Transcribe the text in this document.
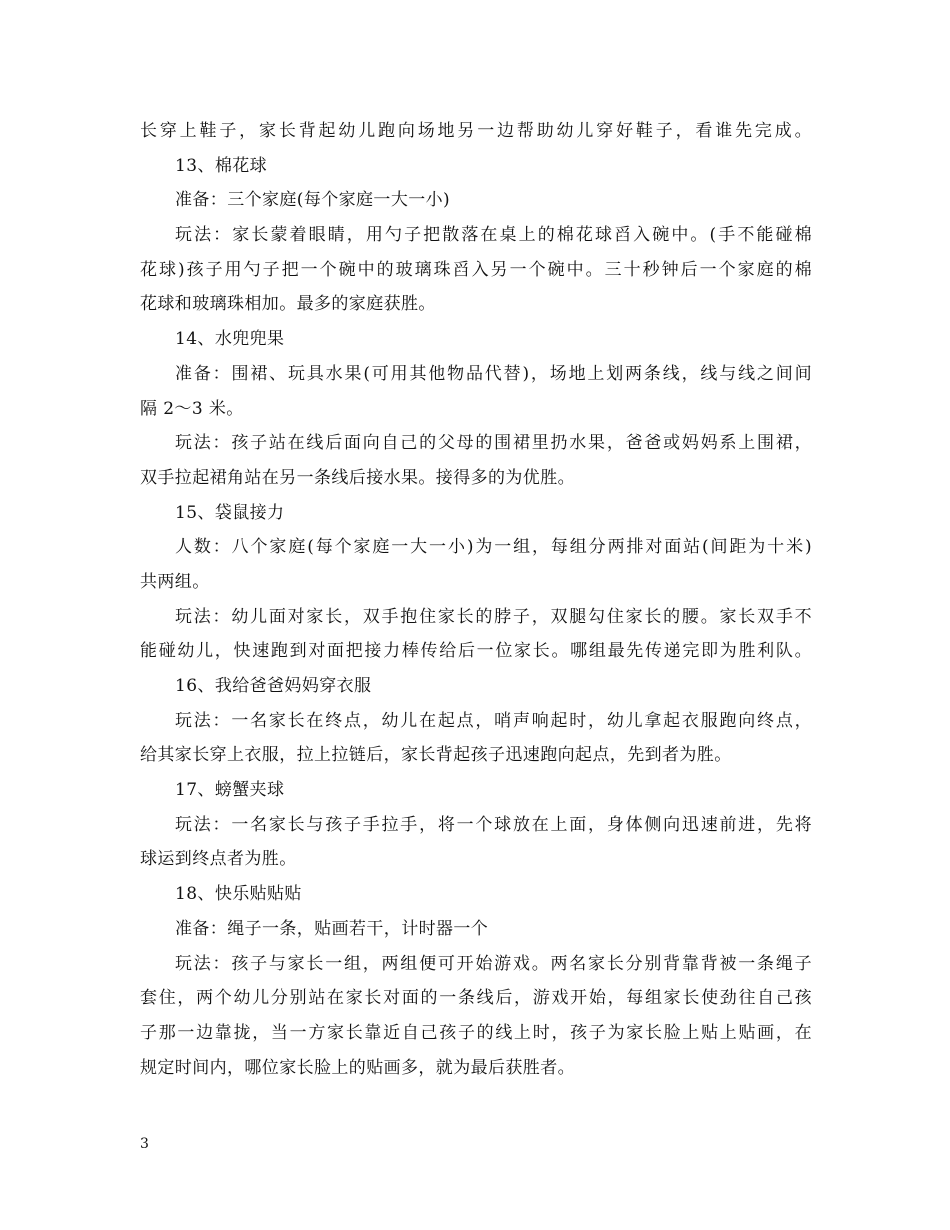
长穿上鞋子，家长背起幼儿跑向场地另一边帮助幼儿穿好鞋子，看谁先完成。
13、棉花球
准备：三个家庭(每个家庭一大一小)
玩法：家长蒙着眼睛，用勺子把散落在桌上的棉花球舀入碗中。(手不能碰棉
花球)孩子用勺子把一个碗中的玻璃珠舀入另一个碗中。三十秒钟后一个家庭的棉
花球和玻璃珠相加。最多的家庭获胜。
14、水兜兜果
准备：围裙、玩具水果(可用其他物品代替)，场地上划两条线，线与线之间间
隔 2～3 米。
玩法：孩子站在线后面向自己的父母的围裙里扔水果，爸爸或妈妈系上围裙，
双手拉起裙角站在另一条线后接水果。接得多的为优胜。
15、袋鼠接力
人数：八个家庭(每个家庭一大一小)为一组，每组分两排对面站(间距为十米)
共两组。
玩法：幼儿面对家长，双手抱住家长的脖子，双腿勾住家长的腰。家长双手不
能碰幼儿，快速跑到对面把接力棒传给后一位家长。哪组最先传递完即为胜利队。
16、我给爸爸妈妈穿衣服
玩法：一名家长在终点，幼儿在起点，哨声响起时，幼儿拿起衣服跑向终点，
给其家长穿上衣服，拉上拉链后，家长背起孩子迅速跑向起点，先到者为胜。
17、螃蟹夹球
玩法：一名家长与孩子手拉手，将一个球放在上面，身体侧向迅速前进，先将
球运到终点者为胜。
18、快乐贴贴贴
准备：绳子一条，贴画若干，计时器一个
玩法：孩子与家长一组，两组便可开始游戏。两名家长分别背靠背被一条绳子
套住，两个幼儿分别站在家长对面的一条线后，游戏开始，每组家长使劲往自己孩
子那一边靠拢，当一方家长靠近自己孩子的线上时，孩子为家长脸上贴上贴画，在
规定时间内，哪位家长脸上的贴画多，就为最后获胜者。
3
